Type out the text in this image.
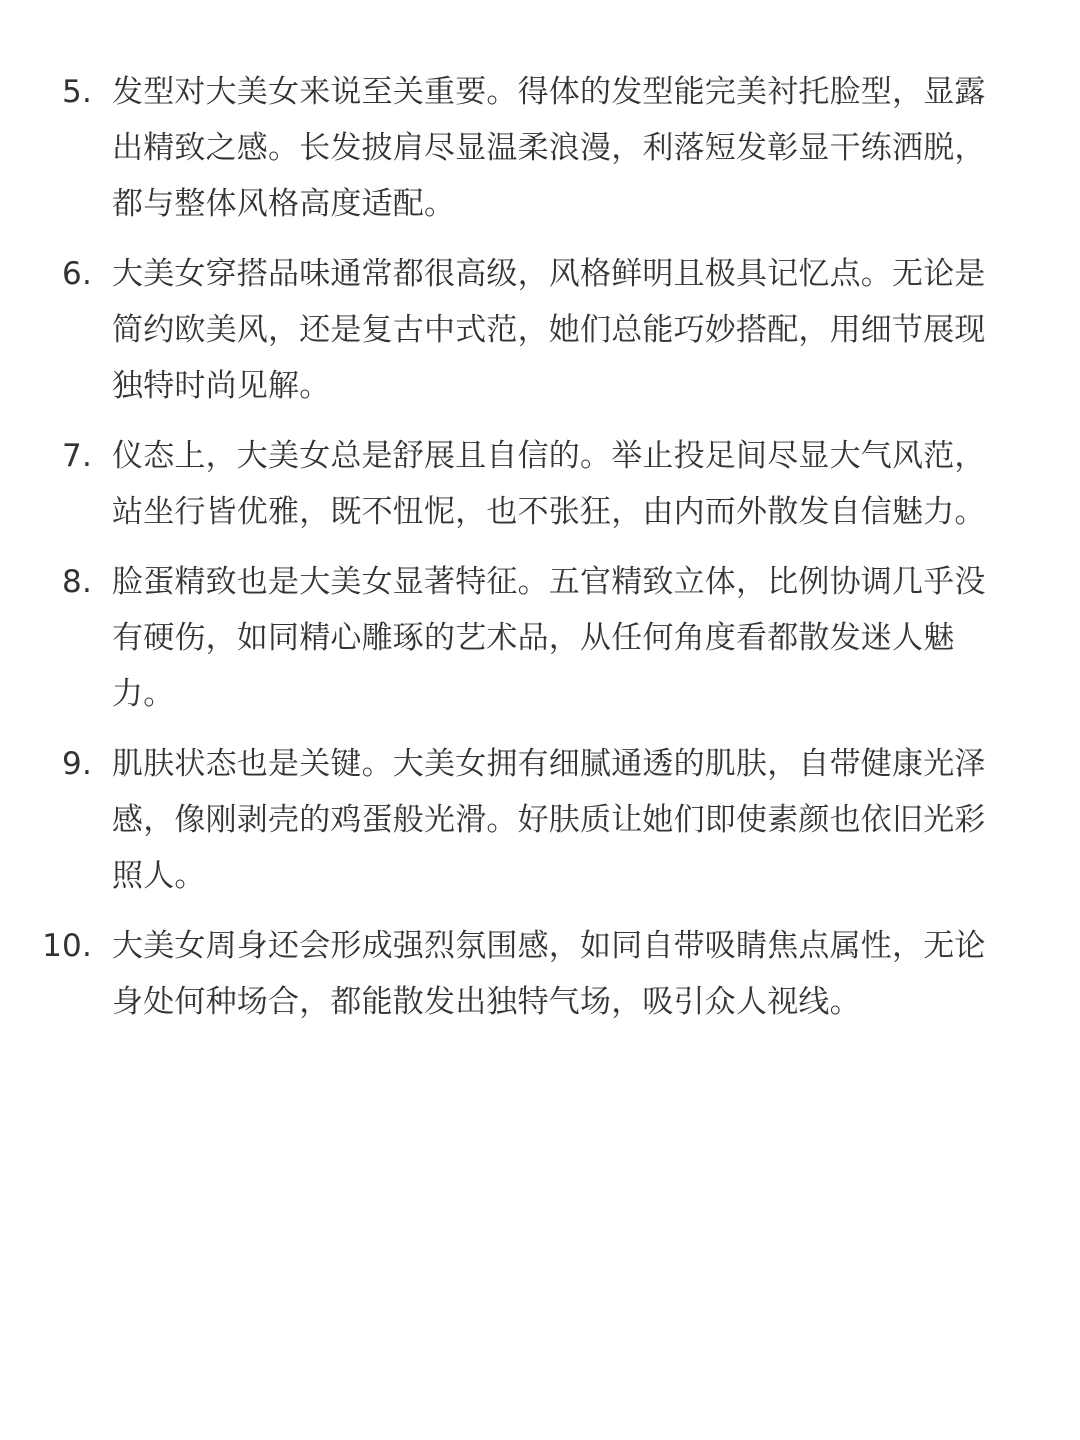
5. 发型对大美女来说至关重要。得体的发型能完美衬托脸型，显露出精致之感。长发披肩尽显温柔浪漫，利落短发彰显干练洒脱，都与整体风格高度适配。
6. 大美女穿搭品味通常都很高级，风格鲜明且极具记忆点。无论是简约欧美风，还是复古中式范，她们总能巧妙搭配，用细节展现独特时尚见解。
7. 仪态上，大美女总是舒展且自信的。举止投足间尽显大气风范，站坐行皆优雅，既不忸怩，也不张狂，由内而外散发自信魅力。
8. 脸蛋精致也是大美女显著特征。五官精致立体，比例协调几乎没有硬伤，如同精心雕琢的艺术品，从任何角度看都散发迷人魅力。
9. 肌肤状态也是关键。大美女拥有细腻通透的肌肤，自带健康光泽感，像刚剥壳的鸡蛋般光滑。好肤质让她们即使素颜也依旧光彩照人。
10. 大美女周身还会形成强烈氛围感，如同自带吸睛焦点属性，无论身处何种场合，都能散发出独特气场，吸引众人视线。
